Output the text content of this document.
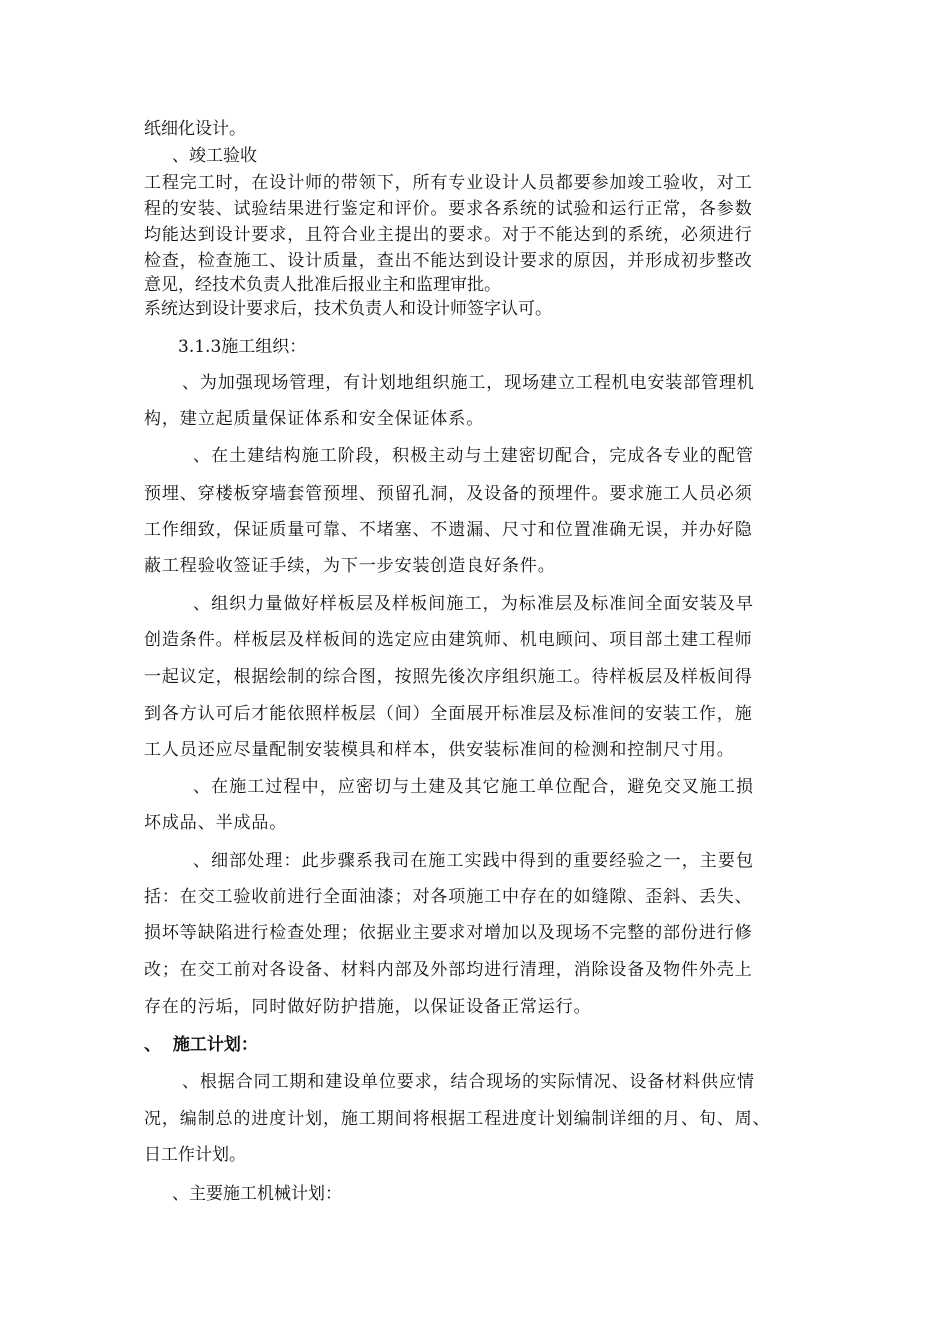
纸细化设计。
、竣工验收
工程完工时，在设计师的带领下，所有专业设计人员都要参加竣工验收，对工
程的安装、试验结果进行鉴定和评价。要求各系统的试验和运行正常，各参数
均能达到设计要求，且符合业主提出的要求。对于不能达到的系统，必须进行
检查，检查施工、设计质量，查出不能达到设计要求的原因，并形成初步整改
意见，经技术负责人批准后报业主和监理审批。
系统达到设计要求后，技术负责人和设计师签字认可。
3.1.3施工组织：
、为加强现场管理，有计划地组织施工，现场建立工程机电安装部管理机
构，建立起质量保证体系和安全保证体系。
、在土建结构施工阶段，积极主动与土建密切配合，完成各专业的配管
预埋、穿楼板穿墙套管预埋、预留孔洞，及设备的预埋件。要求施工人员必须
工作细致，保证质量可靠、不堵塞、不遗漏、尺寸和位置准确无误，并办好隐
蔽工程验收签证手续，为下一步安装创造良好条件。
、组织力量做好样板层及样板间施工，为标准层及标准间全面安装及早
创造条件。样板层及样板间的选定应由建筑师、机电顾问、项目部土建工程师
一起议定，根据绘制的综合图，按照先後次序组织施工。待样板层及样板间得
到各方认可后才能依照样板层（间）全面展开标准层及标准间的安装工作，施
工人员还应尽量配制安装模具和样本，供安装标准间的检测和控制尺寸用。
、在施工过程中，应密切与土建及其它施工单位配合，避免交叉施工损
坏成品、半成品。
、细部处理：此步骤系我司在施工实践中得到的重要经验之一，主要包
括：在交工验收前进行全面油漆；对各项施工中存在的如缝隙、歪斜、丢失、
损坏等缺陷进行检查处理；依据业主要求对增加以及现场不完整的部份进行修
改；在交工前对各设备、材料内部及外部均进行清理，消除设备及物件外壳上
存在的污垢，同时做好防护措施，以保证设备正常运行。
、  施工计划：
、根据合同工期和建设单位要求，结合现场的实际情况、设备材料供应情
况，编制总的进度计划，施工期间将根据工程进度计划编制详细的月、旬、周、
日工作计划。
、主要施工机械计划：
